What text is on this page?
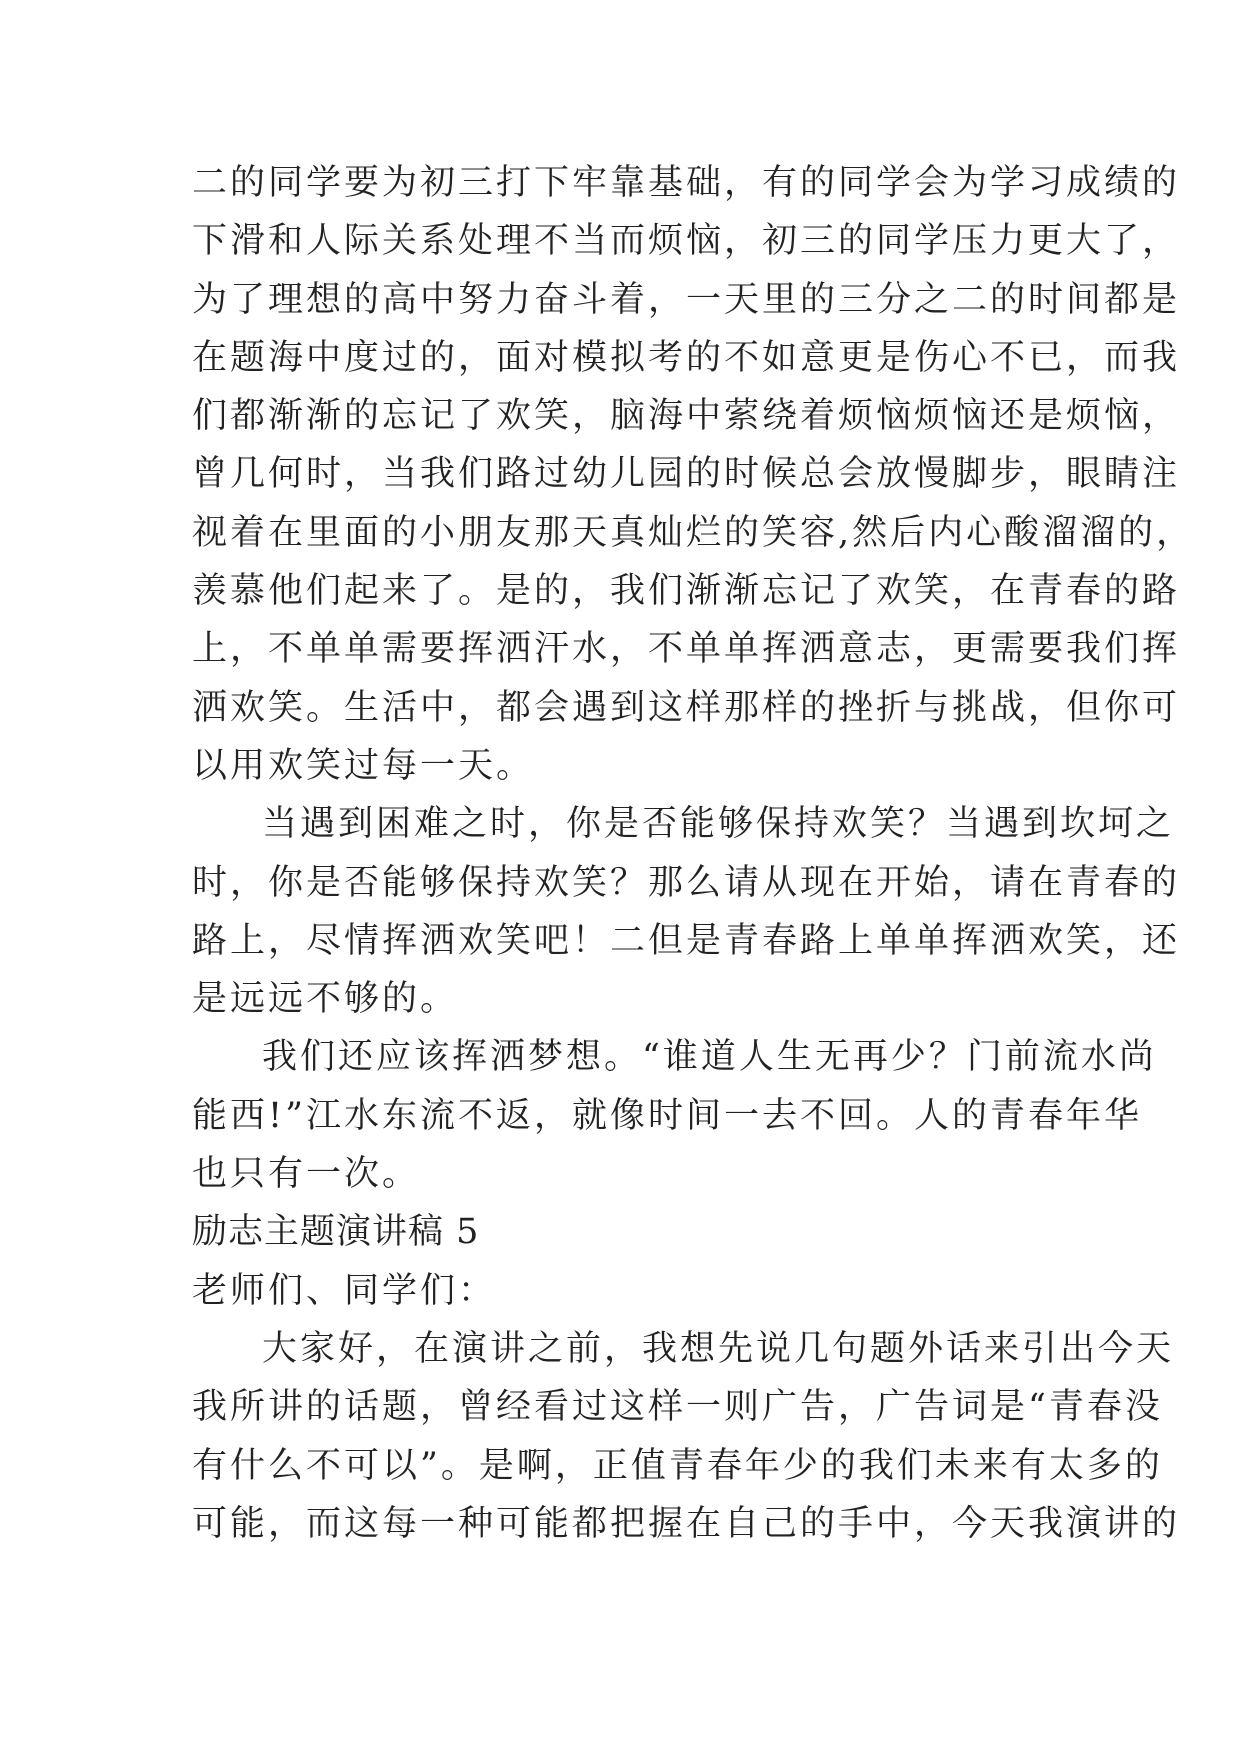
二的同学要为初三打下牢靠基础，有的同学会为学习成绩的
下滑和人际关系处理不当而烦恼，初三的同学压力更大了，
为了理想的高中努力奋斗着，一天里的三分之二的时间都是
在题海中度过的，面对模拟考的不如意更是伤心不已，而我
们都渐渐的忘记了欢笑，脑海中萦绕着烦恼烦恼还是烦恼，
曾几何时，当我们路过幼儿园的时候总会放慢脚步，眼睛注
视着在里面的小朋友那天真灿烂的笑容,然后内心酸溜溜的，
羡慕他们起来了。是的，我们渐渐忘记了欢笑，在青春的路
上，不单单需要挥洒汗水，不单单挥洒意志，更需要我们挥
洒欢笑。生活中，都会遇到这样那样的挫折与挑战，但你可
以用欢笑过每一天。
当遇到困难之时，你是否能够保持欢笑？当遇到坎坷之
时，你是否能够保持欢笑？那么请从现在开始，请在青春的
路上，尽情挥洒欢笑吧！二但是青春路上单单挥洒欢笑，还
是远远不够的。
我们还应该挥洒梦想。“谁道人生无再少？门前流水尚
能西!”江水东流不返，就像时间一去不回。人的青春年华
也只有一次。
励志主题演讲稿 5
老师们、同学们：
大家好，在演讲之前，我想先说几句题外话来引出今天
我所讲的话题，曾经看过这样一则广告，广告词是“青春没
有什么不可以”。是啊，正值青春年少的我们未来有太多的
可能，而这每一种可能都把握在自己的手中，今天我演讲的
